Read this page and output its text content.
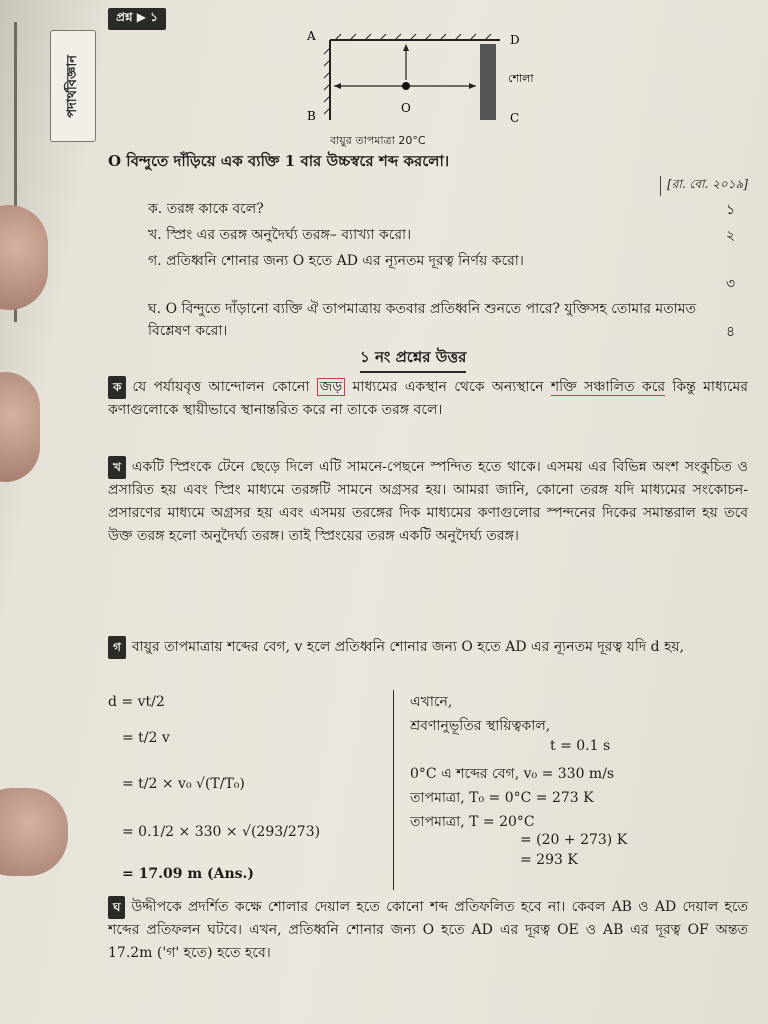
পদার্থবিজ্ঞান
প্রশ্ন ▶ ১
A
B	C
D
O
শোলা
বায়ুর তাপমাত্রা 20°C
O বিন্দুতে দাঁড়িয়ে এক ব্যক্তি 1 বার উচ্চস্বরে শব্দ করলো।
[রা. বো. ২০১৯]
ক. তরঙ্গ কাকে বলে?	১
খ. স্প্রিং এর তরঙ্গ অনুদৈর্ঘ্য তরঙ্গ– ব্যাখ্যা করো।	২
গ. প্রতিধ্বনি শোনার জন্য O হতে AD এর ন্যূনতম দূরত্ব নির্ণয় করো।
৩
ঘ. O বিন্দুতে দাঁড়ানো ব্যক্তি ঐ তাপমাত্রায় কতবার প্রতিধ্বনি শুনতে পারে? যুক্তিসহ তোমার মতামত বিশ্লেষণ করো।	৪
১ নং প্রশ্নের উত্তর
ক যে পর্যায়বৃত্ত আন্দোলন কোনো জড় মাধ্যমের একস্থান থেকে অন্যস্থানে শক্তি সঞ্চালিত করে কিন্তু মাধ্যমের কণাগুলোকে স্থায়ীভাবে স্থানান্তরিত করে না তাকে তরঙ্গ বলে।
খ একটি স্প্রিংকে টেনে ছেড়ে দিলে এটি সামনে-পেছনে স্পন্দিত হতে থাকে। এসময় এর বিভিন্ন অংশ সংকুচিত ও প্রসারিত হয় এবং স্প্রিং মাধ্যমে তরঙ্গটি সামনে অগ্রসর হয়। আমরা জানি, কোনো তরঙ্গ যদি মাধ্যমের সংকোচন-প্রসারণের মাধ্যমে অগ্রসর হয় এবং এসময় তরঙ্গের দিক মাধ্যমের কণাগুলোর স্পন্দনের দিকের সমান্তরাল হয় তবে উক্ত তরঙ্গ হলো অনুদৈর্ঘ্য তরঙ্গ। তাই স্প্রিংয়ের তরঙ্গ একটি অনুদৈর্ঘ্য তরঙ্গ।
গ বায়ুর তাপমাত্রায় শব্দের বেগ, v হলে প্রতিধ্বনি শোনার জন্য O হতে AD এর ন্যূনতম দূরত্ব যদি d হয়,
d = vt/2
= t/2 v
= t/2 × v₀ √(T/T₀)
= 0.1/2 × 330 × √(293/273)
= 17.09 m (Ans.)
এখানে,
শ্রবণানুভূতির স্থায়িত্বকাল,
t = 0.1 s
0°C এ শব্দের বেগ, v₀ = 330 m/s
তাপমাত্রা, T₀ = 0°C = 273 K
তাপমাত্রা, T = 20°C
= (20 + 273) K
= 293 K
ঘ উদ্দীপকে প্রদর্শিত কক্ষে শোলার দেয়াল হতে কোনো শব্দ প্রতিফলিত হবে না। কেবল AB ও AD দেয়াল হতে শব্দের প্রতিফলন ঘটবে। এখন, প্রতিধ্বনি শোনার জন্য O হতে AD এর দূরত্ব OE ও AB এর দূরত্ব OF অন্তত 17.2m ('গ' হতে) হতে হবে।
